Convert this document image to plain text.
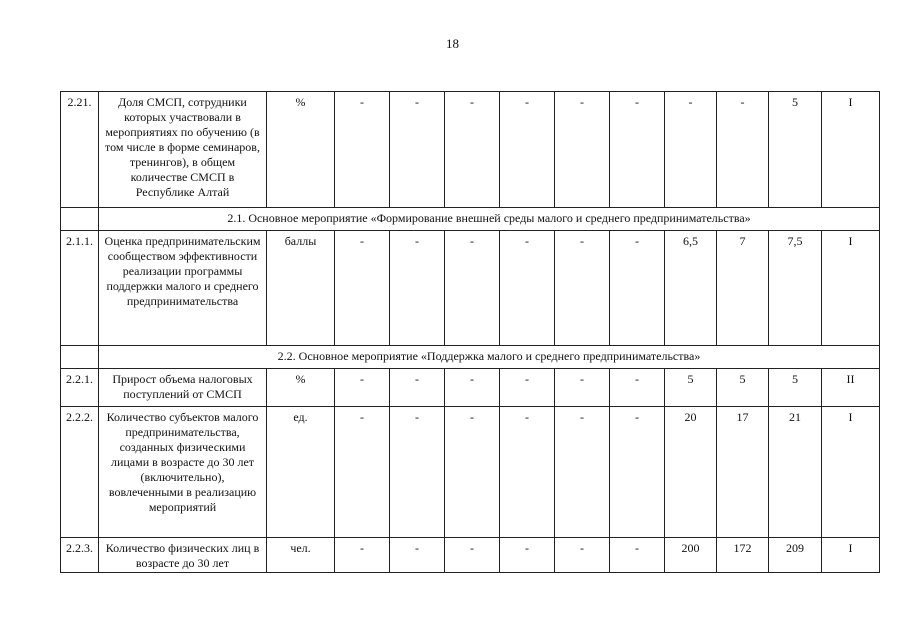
18
2.21.	Доля СМСП, сотрудники которых участвовали в мероприятиях по обучению (в том числе в форме семинаров, тренингов), в общем количестве СМСП в Республике Алтай	%	-	-	-	-	-	-	-	-	5	I
	2.1. Основное мероприятие «Формирование внешней среды малого и среднего предпринимательства»											
2.1.1.	Оценка предпринимательским сообществом эффективности реализации программы поддержки малого и среднего предпринимательства	баллы	-	-	-	-	-	-	6,5	7	7,5	I
	2.2. Основное мероприятие «Поддержка малого и среднего предпринимательства»											
2.2.1.	Прирост объема налоговых поступлений от СМСП	%	-	-	-	-	-	-	5	5	5	II
2.2.2.	Количество субъектов малого предпринимательства, созданных физическими лицами в возрасте до 30 лет (включительно), вовлеченными в реализацию мероприятий	ед.	-	-	-	-	-	-	20	17	21	I
2.2.3.	Количество физических лиц в возрасте до 30 лет	чел.	-	-	-	-	-	-	200	172	209	I
